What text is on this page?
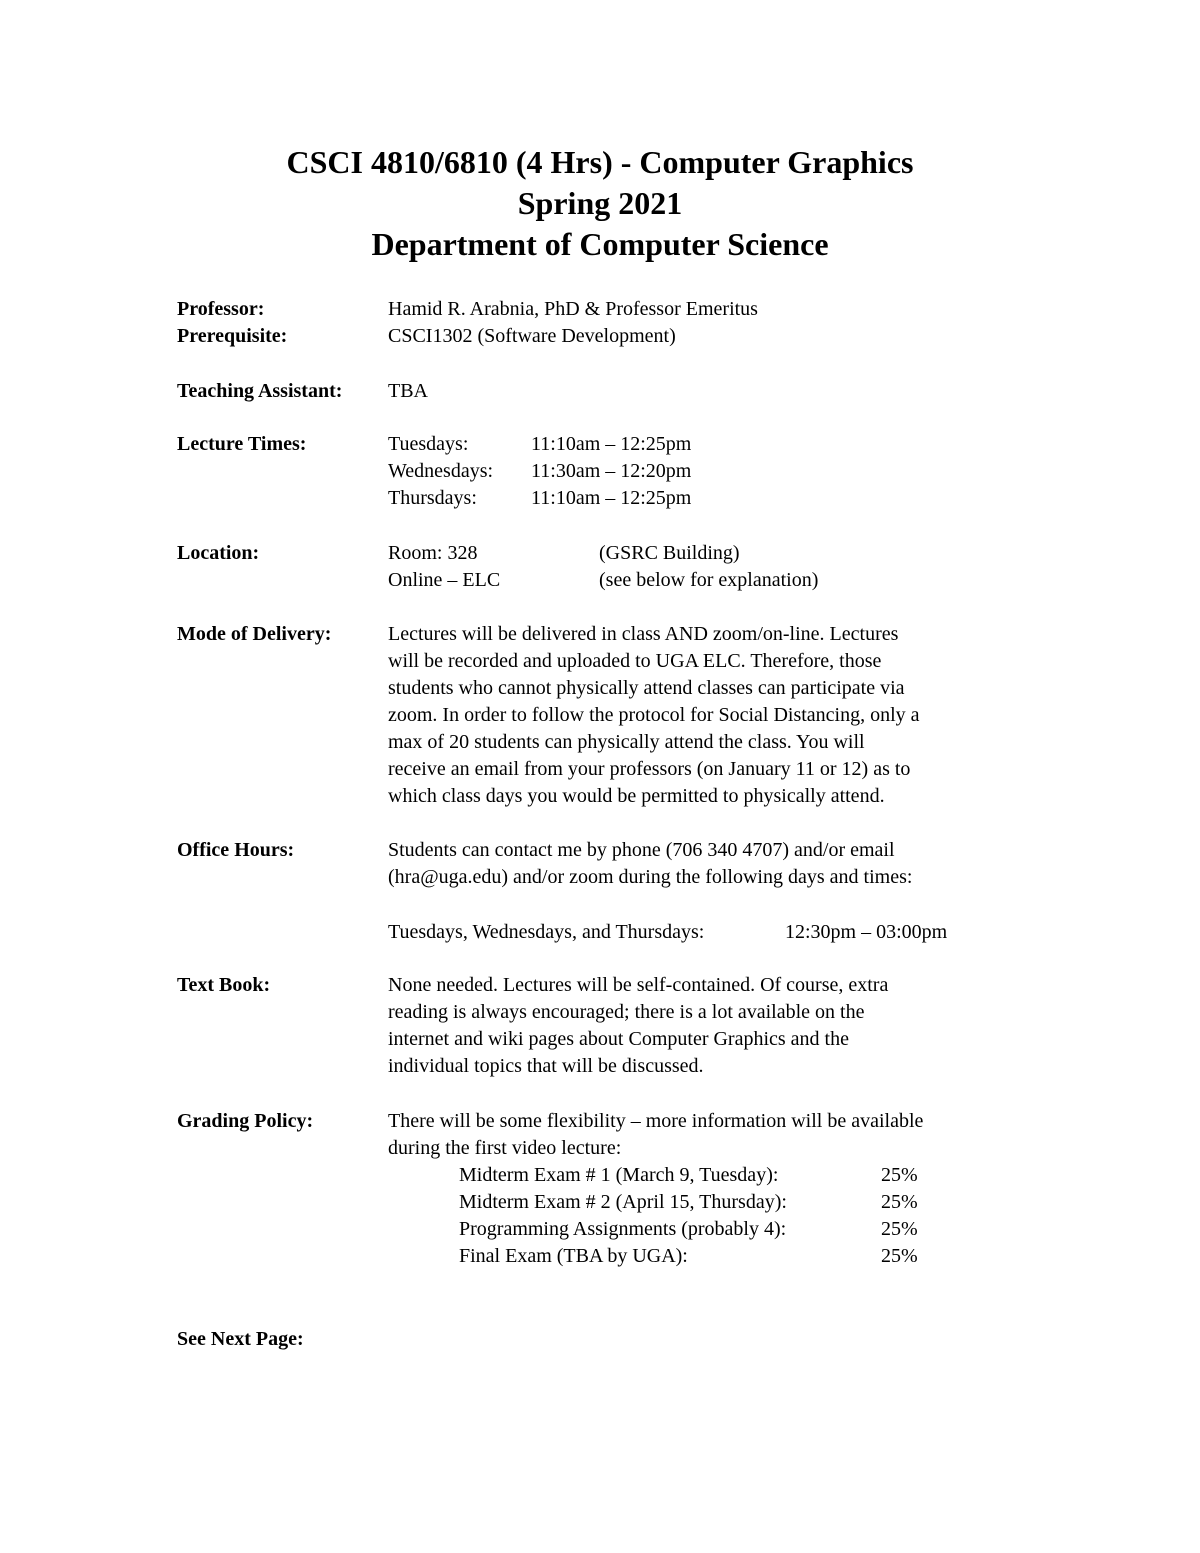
CSCI 4810/6810 (4 Hrs) - Computer Graphics
Spring 2021
Department of Computer Science
Professor:	Hamid R. Arabnia, PhD & Professor Emeritus
Prerequisite:	CSCI1302 (Software Development)
Teaching Assistant: TBA
Lecture Times:	Tuesdays:	11:10am – 12:25pm
Wednesdays: 11:30am – 12:20pm
Thursdays:	11:10am – 12:25pm
Location:	Room: 328	(GSRC Building)
Online – ELC	(see below for explanation)
Mode of Delivery:	Lectures will be delivered in class AND zoom/on-line. Lectures
will be recorded and uploaded to UGA ELC. Therefore, those
students who cannot physically attend classes can participate via
zoom. In order to follow the protocol for Social Distancing, only a
max of 20 students can physically attend the class. You will
receive an email from your professors (on January 11 or 12) as to
which class days you would be permitted to physically attend.
Office Hours:	Students can contact me by phone (706 340 4707) and/or email
(hra@uga.edu) and/or zoom during the following days and times:
Tuesdays, Wednesdays, and Thursdays:	12:30pm – 03:00pm
Text Book:	None needed. Lectures will be self-contained. Of course, extra
reading is always encouraged; there is a lot available on the
internet and wiki pages about Computer Graphics and the
individual topics that will be discussed.
Grading Policy:	There will be some flexibility – more information will be available
during the first video lecture:
Midterm Exam # 1 (March 9, Tuesday):	25%
Midterm Exam # 2 (April 15, Thursday):	25%
Programming Assignments (probably 4):	25%
Final Exam (TBA by UGA):	25%
See Next Page:
